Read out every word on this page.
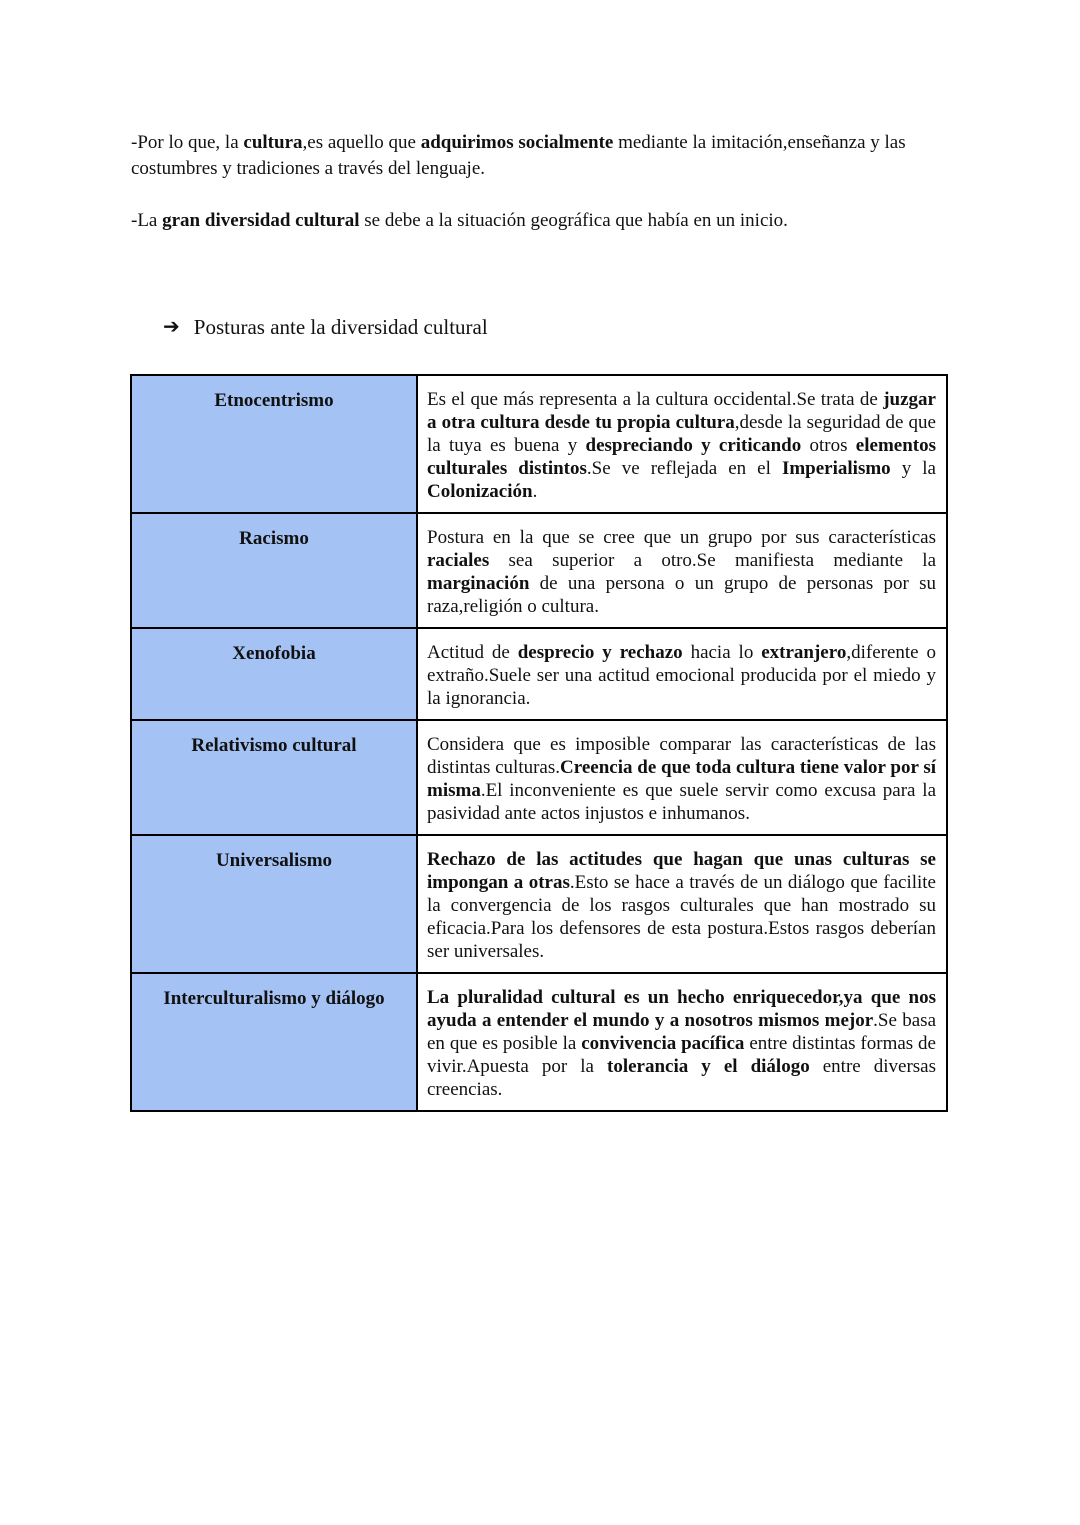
-Por lo que, la cultura,es aquello que adquirimos socialmente mediante la imitación,enseñanza y las costumbres y tradiciones a través del lenguaje.

-La gran diversidad cultural se debe a la situación geográfica que había en un inicio.

➔ Posturas ante la diversidad cultural
Etnocentrismo	Es el que más representa a la cultura occidental.Se trata de juzgar a otra cultura desde tu propia cultura,desde la seguridad de que la tuya es buena y despreciando y criticando otros elementos culturales distintos.Se ve reflejada en el Imperialismo y la Colonización.
Racismo	Postura en la que se cree que un grupo por sus características raciales sea superior a otro.Se manifiesta mediante la marginación de una persona o un grupo de personas por su raza,religión o cultura.
Xenofobia	Actitud de desprecio y rechazo hacia lo extranjero,diferente o extraño.Suele ser una actitud emocional producida por el miedo y la ignorancia.
Relativismo cultural	Considera que es imposible comparar las características de las distintas culturas.Creencia de que toda cultura tiene valor por sí misma.El inconveniente es que suele servir como excusa para la pasividad ante actos injustos e inhumanos.
Universalismo	Rechazo de las actitudes que hagan que unas culturas se impongan a otras.Esto se hace a través de un diálogo que facilite la convergencia de los rasgos culturales que han mostrado su eficacia.Para los defensores de esta postura.Estos rasgos deberían ser universales.
Interculturalismo y diálogo	La pluralidad cultural es un hecho enriquecedor,ya que nos ayuda a entender el mundo y a nosotros mismos mejor.Se basa en que es posible la convivencia pacífica entre distintas formas de vivir.Apuesta por la tolerancia y el diálogo entre diversas creencias.
